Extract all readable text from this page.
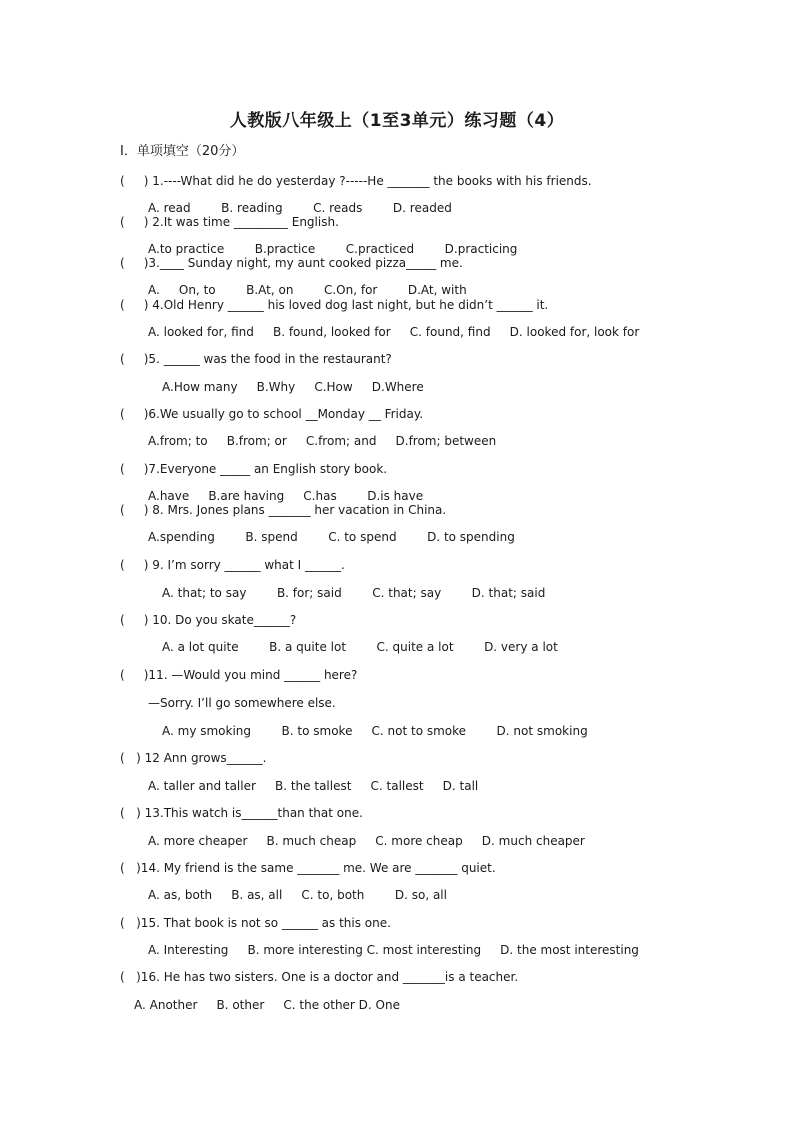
人教版八年级上（1至3单元）练习题（4）
I．单项填空（20分）
(     ) 1.----What did he do yesterday ?-----He _______ the books with his friends.
A. read        B. reading        C. reads        D. readed
(     ) 2.It was time _________ English.
A.to practice        B.practice        C.practiced        D.practicing
(     )3.____ Sunday night, my aunt cooked pizza_____ me.
A.     On, to        B.At, on        C.On, for        D.At, with
(     ) 4.Old Henry ______ his loved dog last night, but he didn’t ______ it.
A. looked for, find     B. found, looked for     C. found, find     D. looked for, look for
(     )5. ______ was the food in the restaurant?
A.How many     B.Why     C.How     D.Where
(     )6.We usually go to school __Monday __ Friday.
A.from; to     B.from; or     C.from; and     D.from; between
(     )7.Everyone _____ an English story book.
A.have     B.are having     C.has        D.is have
(     ) 8. Mrs. Jones plans _______ her vacation in China.
A.spending        B. spend        C. to spend        D. to spending
(     ) 9. I’m sorry ______ what I ______.
A. that; to say        B. for; said        C. that; say        D. that; said
(     ) 10. Do you skate______?
A. a lot quite        B. a quite lot        C. quite a lot        D. very a lot
(     )11. —Would you mind ______ here?
—Sorry. I’ll go somewhere else.
A. my smoking        B. to smoke     C. not to smoke        D. not smoking
(   ) 12 Ann grows______.
A. taller and taller     B. the tallest     C. tallest     D. tall
(   ) 13.This watch is______than that one.
A. more cheaper     B. much cheap     C. more cheap     D. much cheaper
(   )14. My friend is the same _______ me. We are _______ quiet.
A. as, both     B. as, all     C. to, both        D. so, all
(   )15. That book is not so ______ as this one.
A. Interesting     B. more interesting C. most interesting     D. the most interesting
(   )16. He has two sisters. One is a doctor and _______is a teacher.
A. Another     B. other     C. the other D. One
